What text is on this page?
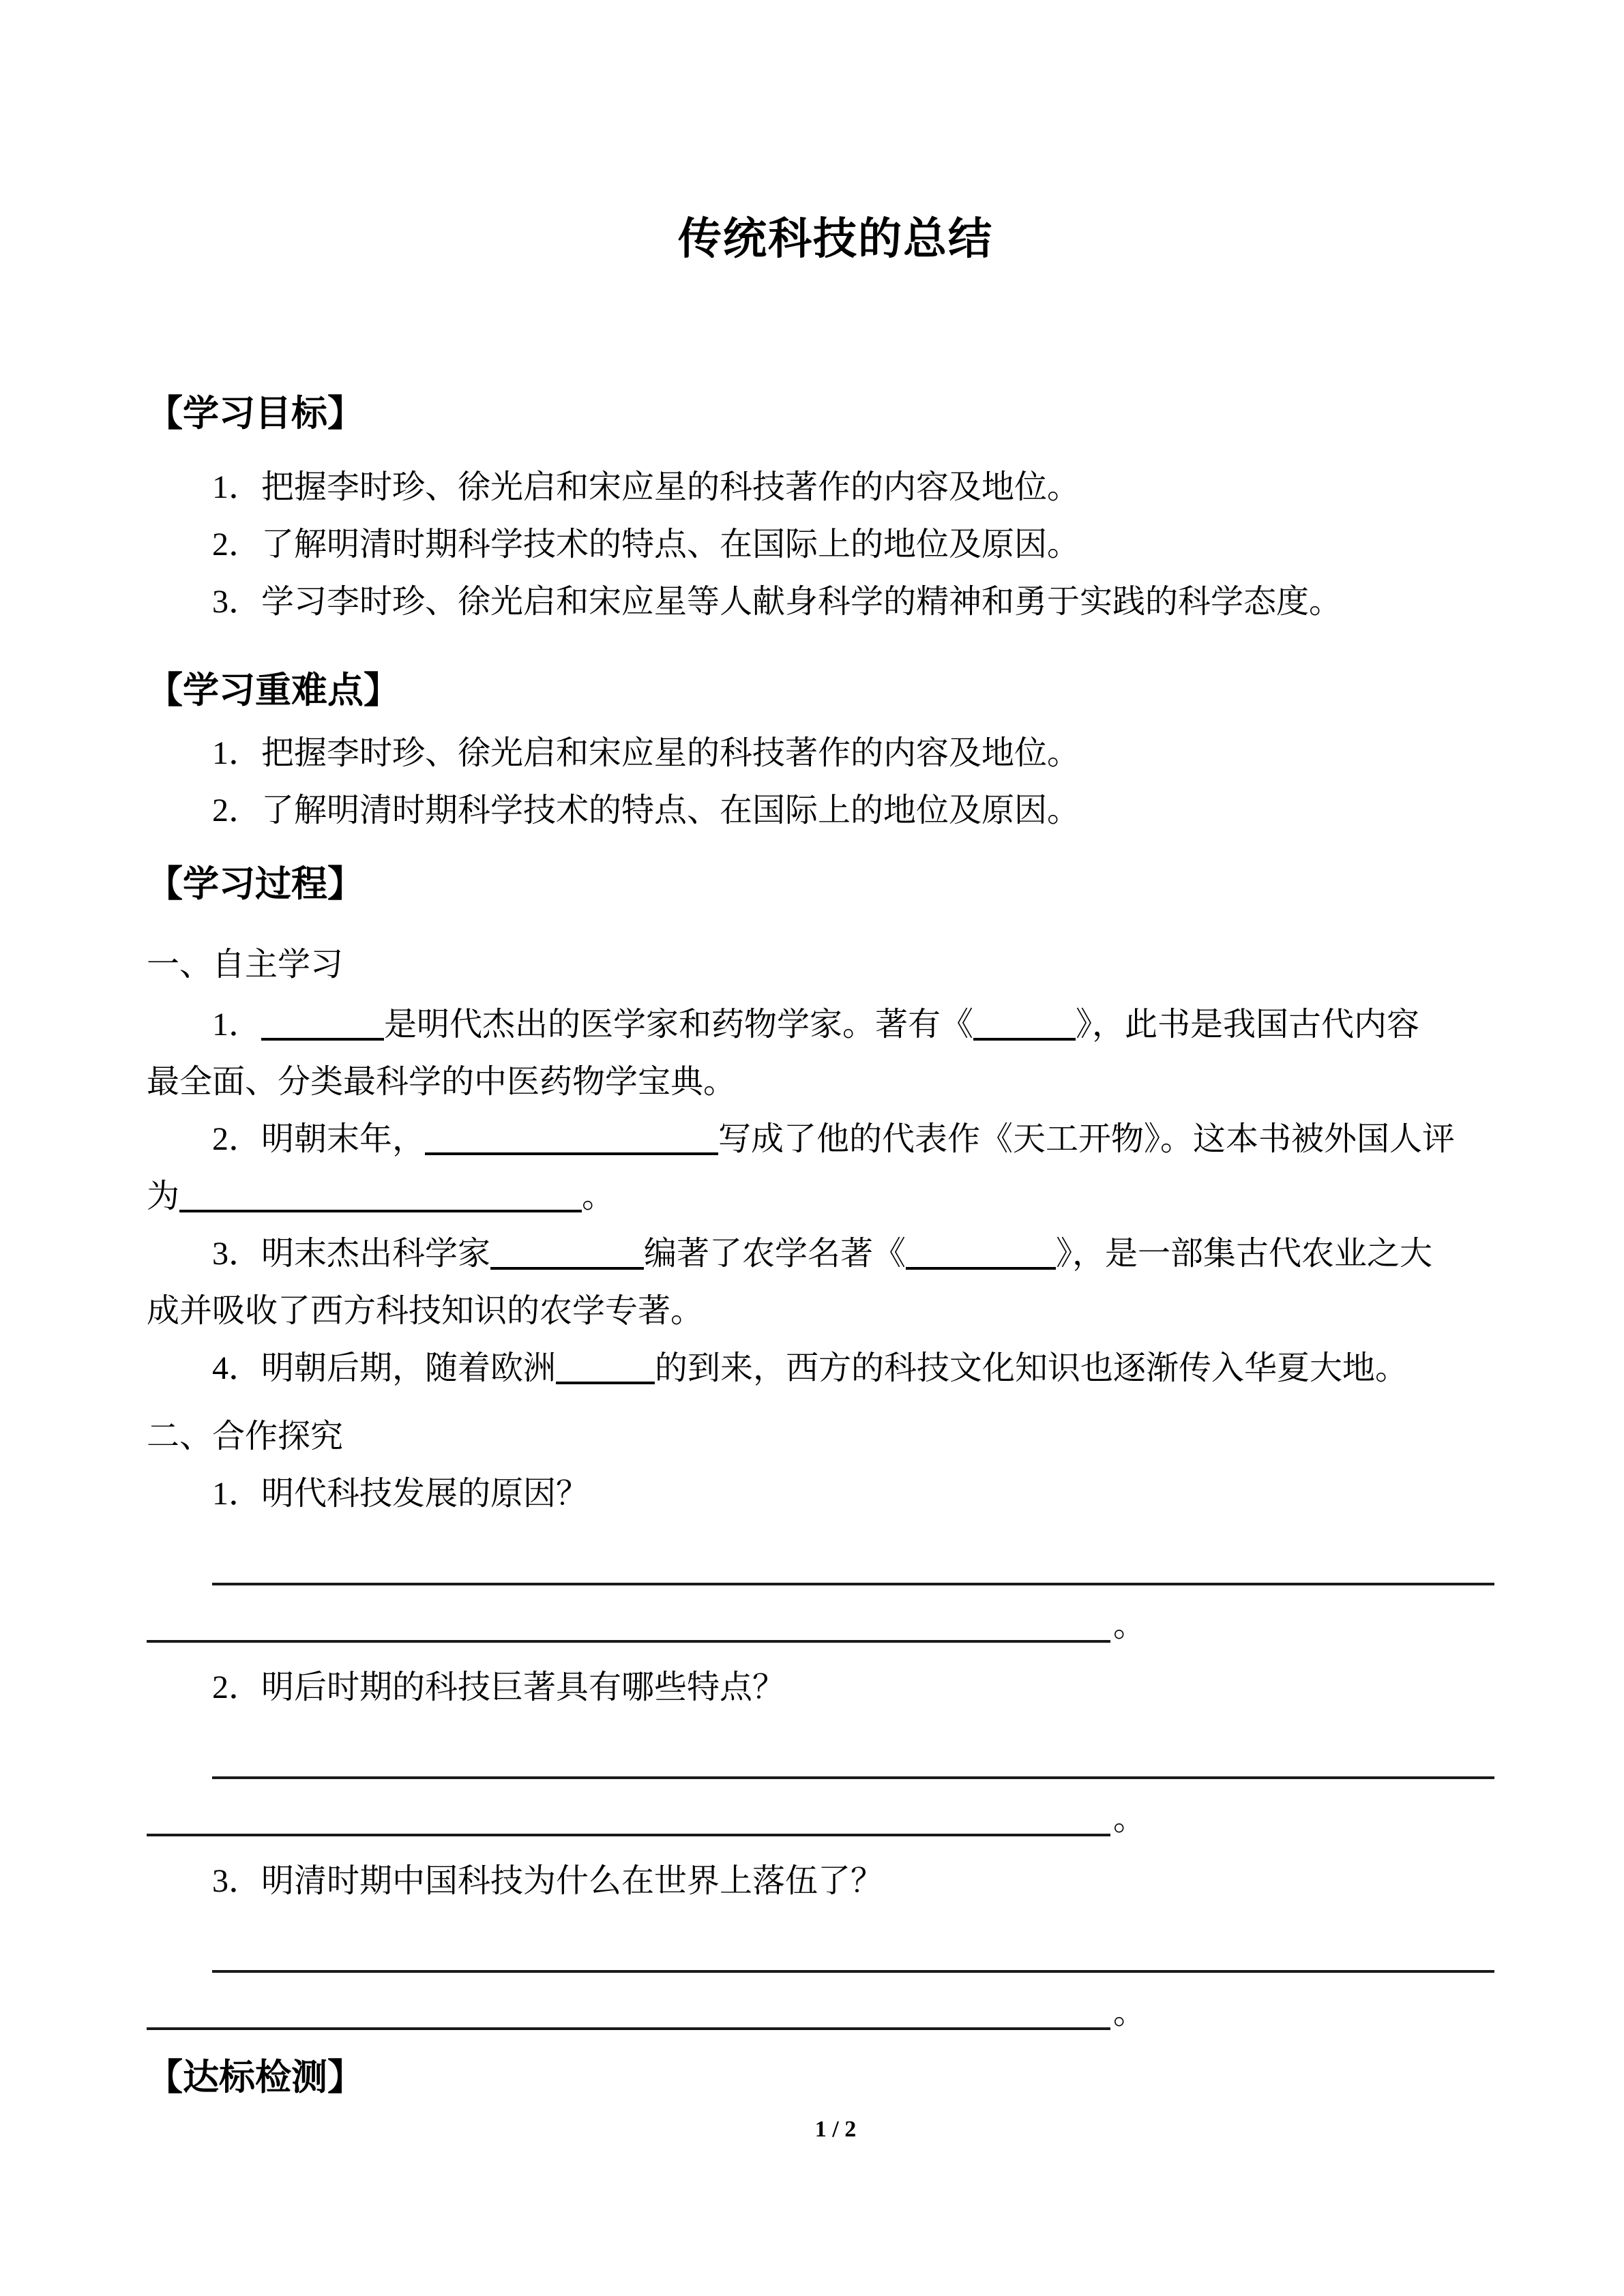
传统科技的总结
【学习目标】
1．把握李时珍、徐光启和宋应星的科技著作的内容及地位。
2．了解明清时期科学技术的特点、在国际上的地位及原因。
3．学习李时珍、徐光启和宋应星等人献身科学的精神和勇于实践的科学态度。
【学习重难点】
1．把握李时珍、徐光启和宋应星的科技著作的内容及地位。
2．了解明清时期科学技术的特点、在国际上的地位及原因。
【学习过程】
一、自主学习
1．	是明代杰出的医学家和药物学家。著有《	》，此书是我国古代内容
最全面、分类最科学的中医药物学宝典。
2．明朝末年，	写成了他的代表作《天工开物》。这本书被外国人评
为	。
3．明末杰出科学家	编著了农学名著《	》，是一部集古代农业之大
成并吸收了西方科技知识的农学专著。
4．明朝后期，随着欧洲	的到来，西方的科技文化知识也逐渐传入华夏大地。
二、合作探究
1．明代科技发展的原因？
。
2．明后时期的科技巨著具有哪些特点？
。
3．明清时期中国科技为什么在世界上落伍了？
。
【达标检测】
1 / 2
